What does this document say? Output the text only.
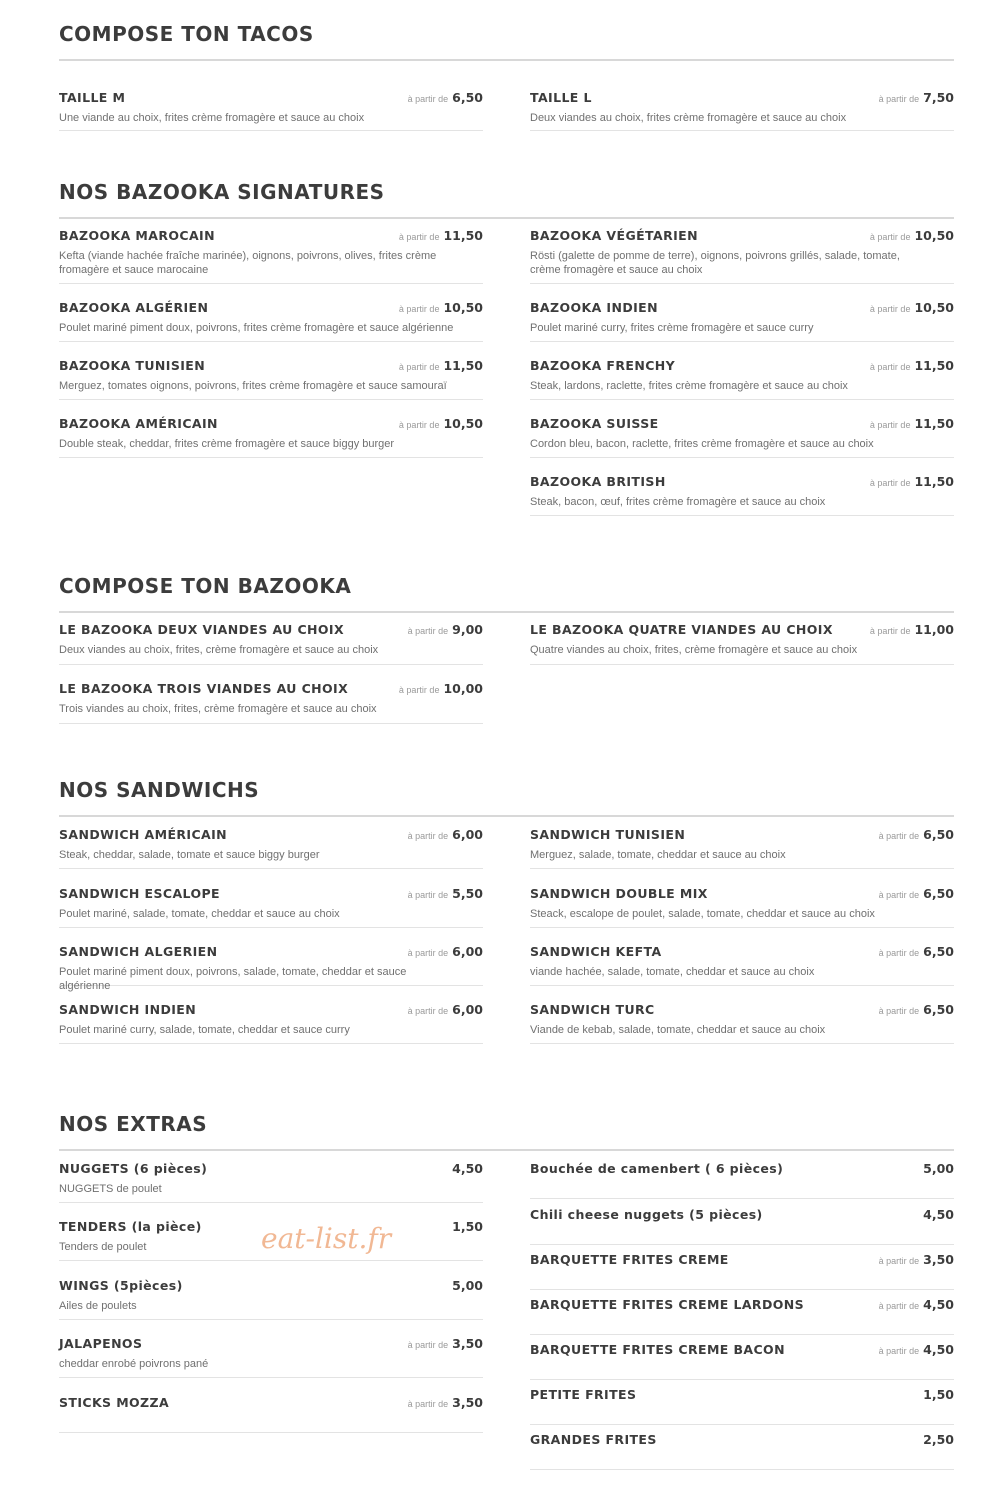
COMPOSE TON TACOS
TAILLE M	à partir de 6,50
Une viande au choix, frites crème fromagère et sauce au choix
TAILLE L	à partir de 7,50
Deux viandes au choix, frites crème fromagère et sauce au choix
NOS BAZOOKA SIGNATURES
BAZOOKA MAROCAIN	à partir de 11,50
Kefta (viande hachée fraîche marinée), oignons, poivrons, olives, frites crème fromagère et sauce marocaine
BAZOOKA ALGÉRIEN	à partir de 10,50
Poulet mariné piment doux, poivrons, frites crème fromagère et sauce algérienne
BAZOOKA TUNISIEN	à partir de 11,50
Merguez, tomates oignons, poivrons, frites crème fromagère et sauce samouraï
BAZOOKA AMÉRICAIN	à partir de 10,50
Double steak, cheddar, frites crème fromagère et sauce biggy burger
BAZOOKA VÉGÉTARIEN	à partir de 10,50
Rösti (galette de pomme de terre), oignons, poivrons grillés, salade, tomate, crème fromagère et sauce au choix
BAZOOKA INDIEN	à partir de 10,50
Poulet mariné curry, frites crème fromagère et sauce curry
BAZOOKA FRENCHY	à partir de 11,50
Steak, lardons, raclette, frites crème fromagère et sauce au choix
BAZOOKA SUISSE	à partir de 11,50
Cordon bleu, bacon, raclette, frites crème fromagère et sauce au choix
BAZOOKA BRITISH	à partir de 11,50
Steak, bacon, œuf, frites crème fromagère et sauce au choix
COMPOSE TON BAZOOKA
LE BAZOOKA DEUX VIANDES AU CHOIX	à partir de 9,00
Deux viandes au choix, frites, crème fromagère et sauce au choix
LE BAZOOKA TROIS VIANDES AU CHOIX	à partir de 10,00
Trois viandes au choix, frites, crème fromagère et sauce au choix
LE BAZOOKA QUATRE VIANDES AU CHOIX	à partir de 11,00
Quatre viandes au choix, frites, crème fromagère et sauce au choix
NOS SANDWICHS
SANDWICH AMÉRICAIN	à partir de 6,00
Steak, cheddar, salade, tomate et sauce biggy burger
SANDWICH ESCALOPE	à partir de 5,50
Poulet mariné, salade, tomate, cheddar et sauce au choix
SANDWICH ALGERIEN	à partir de 6,00
Poulet mariné piment doux, poivrons, salade, tomate, cheddar et sauce algérienne
SANDWICH INDIEN	à partir de 6,00
Poulet mariné curry, salade, tomate, cheddar et sauce curry
SANDWICH TUNISIEN	à partir de 6,50
Merguez, salade, tomate, cheddar et sauce au choix
SANDWICH DOUBLE MIX	à partir de 6,50
Steack, escalope de poulet, salade, tomate, cheddar et sauce au choix
SANDWICH KEFTA	à partir de 6,50
viande hachée, salade, tomate, cheddar et sauce au choix
SANDWICH TURC	à partir de 6,50
Viande de kebab, salade, tomate, cheddar et sauce au choix
NOS EXTRAS
NUGGETS (6 pièces)	4,50
NUGGETS de poulet
TENDERS (la pièce)	1,50
Tenders de poulet
WINGS (5pièces)	5,00
Ailes de poulets
JALAPENOS	à partir de 3,50
cheddar enrobé poivrons pané
STICKS MOZZA	à partir de 3,50
Bouchée de camenbert ( 6 pièces)	5,00
Chili cheese nuggets (5 pièces)	4,50
BARQUETTE FRITES CREME	à partir de 3,50
BARQUETTE FRITES CREME LARDONS	à partir de 4,50
BARQUETTE FRITES CREME BACON	à partir de 4,50
PETITE FRITES	1,50
GRANDES FRITES	2,50
eat-list.fr
